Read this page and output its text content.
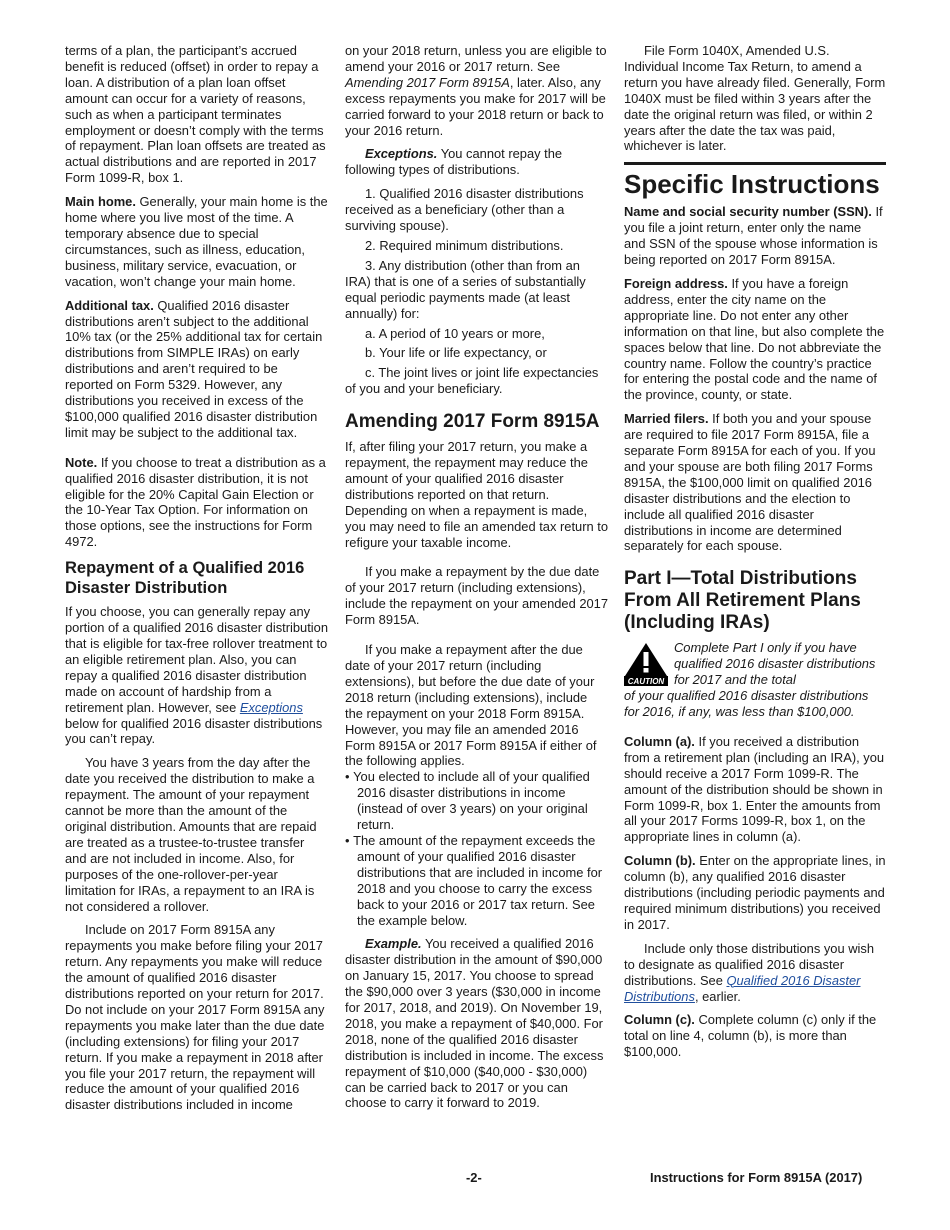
terms of a plan, the participant’s accrued benefit is reduced (offset) in order to repay a loan. A distribution of a plan loan offset amount can occur for a variety of reasons, such as when a participant terminates employment or doesn’t comply with the terms of repayment. Plan loan offsets are treated as actual distributions and are reported in 2017 Form 1099-R, box 1.

Main home. Generally, your main home is the home where you live most of the time. A temporary absence due to special circumstances, such as illness, education, business, military service, evacuation, or vacation, won’t change your main home.

Additional tax. Qualified 2016 disaster distributions aren’t subject to the additional 10% tax (or the 25% additional tax for certain distributions from SIMPLE IRAs) on early distributions and aren’t required to be reported on Form 5329. However, any distributions you received in excess of the $100,000 qualified 2016 disaster distribution limit may be subject to the additional tax.

Note. If you choose to treat a distribution as a qualified 2016 disaster distribution, it is not eligible for the 20% Capital Gain Election or the 10-Year Tax Option. For information on those options, see the instructions for Form 4972.

Repayment of a Qualified 2016 Disaster Distribution

If you choose, you can generally repay any portion of a qualified 2016 disaster distribution that is eligible for tax-free rollover treatment to an eligible retirement plan. Also, you can repay a qualified 2016 disaster distribution made on account of hardship from a retirement plan. However, see Exceptions below for qualified 2016 disaster distributions you can’t repay.

You have 3 years from the day after the date you received the distribution to make a repayment. The amount of your repayment cannot be more than the amount of the original distribution. Amounts that are repaid are treated as a trustee-to-trustee transfer and are not included in income. Also, for purposes of the one-rollover-per-year limitation for IRAs, a repayment to an IRA is not considered a rollover.

Include on 2017 Form 8915A any repayments you make before filing your 2017 return. Any repayments you make will reduce the amount of qualified 2016 disaster distributions reported on your return for 2017. Do not include on your 2017 Form 8915A any repayments you make later than the due date (including extensions) for filing your 2017 return. If you make a repayment in 2018 after you file your 2017 return, the repayment will reduce the amount of your qualified 2016 disaster distributions included in income

on your 2018 return, unless you are eligible to amend your 2016 or 2017 return. See Amending 2017 Form 8915A, later. Also, any excess repayments you make for 2017 will be carried forward to your 2018 return or back to your 2016 return.

Exceptions. You cannot repay the following types of distributions.

1. Qualified 2016 disaster distributions received as a beneficiary (other than a surviving spouse).

2. Required minimum distributions.

3. Any distribution (other than from an IRA) that is one of a series of substantially equal periodic payments made (at least annually) for:

a. A period of 10 years or more,

b. Your life or life expectancy, or

c. The joint lives or joint life expectancies of you and your beneficiary.

Amending 2017 Form 8915A

If, after filing your 2017 return, you make a repayment, the repayment may reduce the amount of your qualified 2016 disaster distributions reported on that return. Depending on when a repayment is made, you may need to file an amended tax return to refigure your taxable income.

If you make a repayment by the due date of your 2017 return (including extensions), include the repayment on your amended 2017 Form 8915A.

If you make a repayment after the due date of your 2017 return (including extensions), but before the due date of your 2018 return (including extensions), include the repayment on your 2018 Form 8915A. However, you may file an amended 2016 Form 8915A or 2017 Form 8915A if either of the following applies.

• You elected to include all of your qualified 2016 disaster distributions in income (instead of over 3 years) on your original return.

• The amount of the repayment exceeds the amount of your qualified 2016 disaster distributions that are included in income for 2018 and you choose to carry the excess back to your 2016 or 2017 tax return. See the example below.

Example. You received a qualified 2016 disaster distribution in the amount of $90,000 on January 15, 2017. You choose to spread the $90,000 over 3 years ($30,000 in income for 2017, 2018, and 2019). On November 19, 2018, you make a repayment of $40,000. For 2018, none of the qualified 2016 disaster distribution is included in income. The excess repayment of $10,000 ($40,000 - $30,000) can be carried back to 2017 or you can choose to carry it forward to 2019.

File Form 1040X, Amended U.S. Individual Income Tax Return, to amend a return you have already filed. Generally, Form 1040X must be filed within 3 years after the date the original return was filed, or within 2 years after the date the tax was paid, whichever is later.

Specific Instructions

Name and social security number (SSN). If you file a joint return, enter only the name and SSN of the spouse whose information is being reported on 2017 Form 8915A.

Foreign address. If you have a foreign address, enter the city name on the appropriate line. Do not enter any other information on that line, but also complete the spaces below that line. Do not abbreviate the country name. Follow the country’s practice for entering the postal code and the name of the province, county, or state.

Married filers. If both you and your spouse are required to file 2017 Form 8915A, file a separate Form 8915A for each of you. If you and your spouse are both filing 2017 Forms 8915A, the $100,000 limit on qualified 2016 disaster distributions and the election to include all qualified 2016 disaster distributions in income are determined separately for each spouse.

Part I—Total Distributions From All Retirement Plans (Including IRAs)
CAUTION
Complete Part I only if you have qualified 2016 disaster distributions for 2017 and the total
of your qualified 2016 disaster distributions for 2016, if any, was less than $100,000.

Column (a). If you received a distribution from a retirement plan (including an IRA), you should receive a 2017 Form 1099-R. The amount of the distribution should be shown in Form 1099-R, box 1. Enter the amounts from all your 2017 Forms 1099-R, box 1, on the appropriate lines in column (a).

Column (b). Enter on the appropriate lines, in column (b), any qualified 2016 disaster distributions (including periodic payments and required minimum distributions) you received in 2017.

Include only those distributions you wish to designate as qualified 2016 disaster distributions. See Qualified 2016 Disaster Distributions, earlier.

Column (c). Complete column (c) only if the total on line 4, column (b), is more than $100,000.

-2-	Instructions for Form 8915A (2017)
